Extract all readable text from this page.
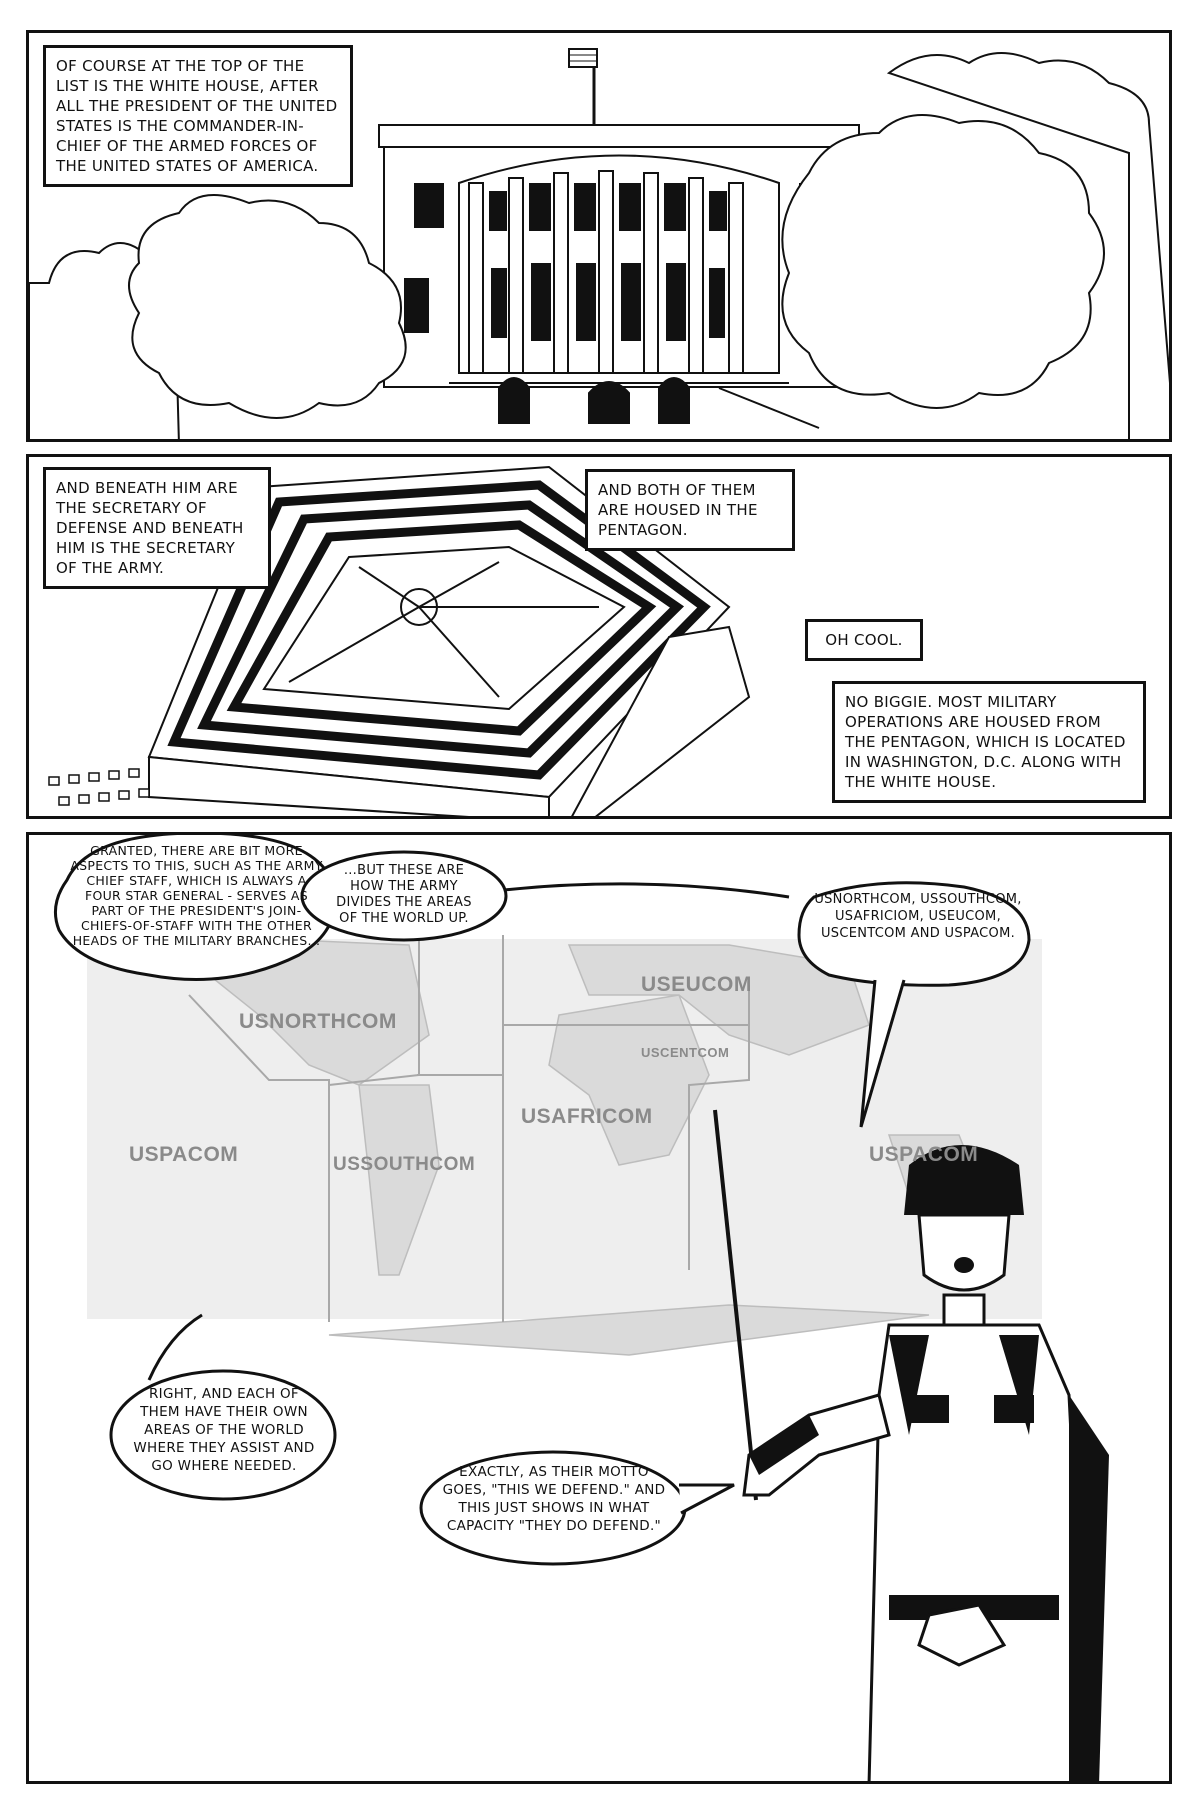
OF COURSE AT THE TOP OF THE LIST IS THE WHITE HOUSE, AFTER ALL THE PRESIDENT OF THE UNITED STATES IS THE COMMANDER-IN-CHIEF OF THE ARMED FORCES OF THE UNITED STATES OF AMERICA.
AND BENEATH HIM ARE THE SECRETARY OF DEFENSE AND BENEATH HIM IS THE SECRETARY OF THE ARMY.
AND BOTH OF THEM ARE HOUSED IN THE PENTAGON.
OH COOL.
NO BIGGIE. MOST MILITARY OPERATIONS ARE HOUSED FROM THE PENTAGON, WHICH IS LOCATED IN WASHINGTON, D.C. ALONG WITH THE WHITE HOUSE.
USNORTHCOM
USEUCOM
USCENTCOM
USAFRICOM
USPACOM	USSOUTHCOM	USPACOM
GRANTED, THERE ARE BIT MORE ASPECTS TO THIS, SUCH AS THE ARMY CHIEF STAFF, WHICH IS ALWAYS A FOUR STAR GENERAL - SERVES AS PART OF THE PRESIDENT'S JOIN-CHIEFS-OF-STAFF WITH THE OTHER HEADS OF THE MILITARY BRANCHES...
...BUT THESE ARE HOW THE ARMY DIVIDES THE AREAS OF THE WORLD UP.
USNORTHCOM, USSOUTHCOM, USAFRICIOM, USEUCOM, USCENTCOM AND USPACOM.
RIGHT, AND EACH OF THEM HAVE THEIR OWN AREAS OF THE WORLD WHERE THEY ASSIST AND GO WHERE NEEDED.	EXACTLY, AS THEIR MOTTO GOES, "THIS WE DEFEND." AND THIS JUST SHOWS IN WHAT CAPACITY "THEY DO DEFEND."
